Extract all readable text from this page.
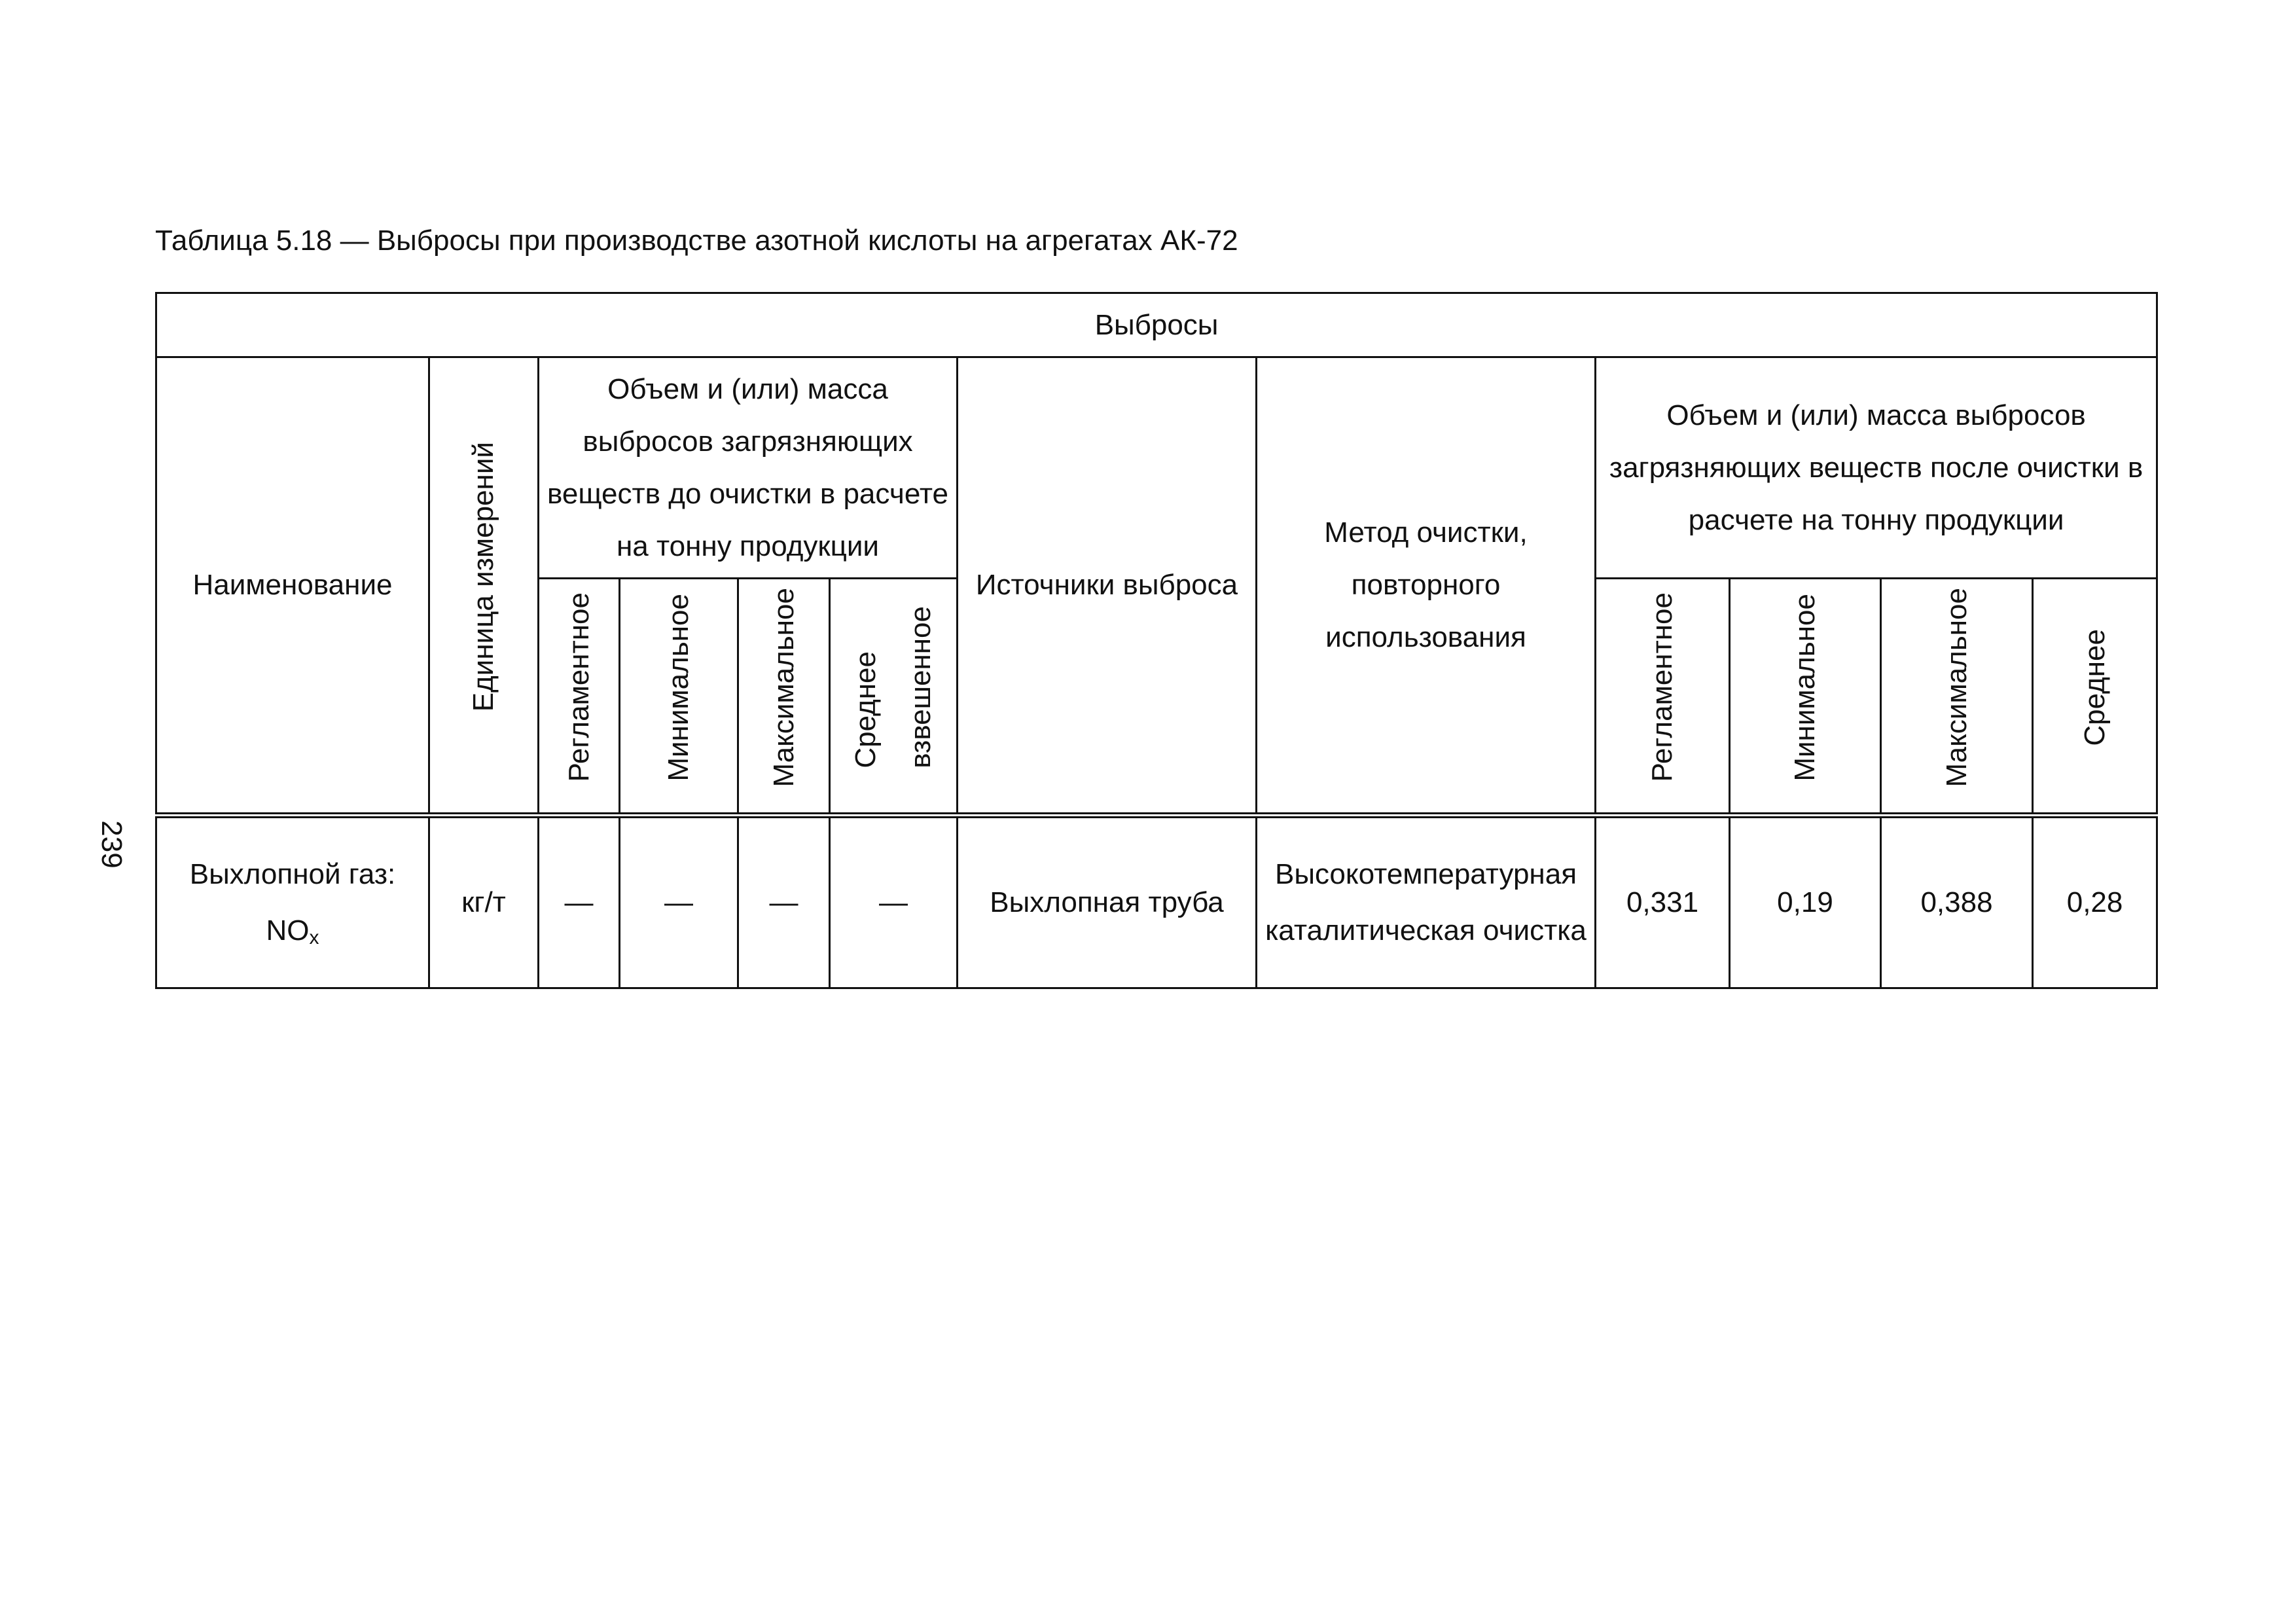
239
Таблица 5.18 — Выбросы при производстве азотной кислоты на агрегатах АК-72
Выбросы											
Наименование	Единица измерений	Объем и (или) масса выбросов загрязняющих веществ до очистки в расчете на тонну продукции				Источники выброса	Метод очистки, повторного использования	Объем и (или) масса выбросов загрязняющих веществ после очистки в расчете на тонну продукции			
		Регламентное	Минимальное	Максимальное	Среднее взвешенное			Регламентное	Минимальное	Максимальное	Среднее
Выхлопной газ:
$NO_x$	кг/т	—	—	—	—	Выхлопная труба	Высокотемпературная каталитическая очистка	0,331	0,19	0,388	0,28
